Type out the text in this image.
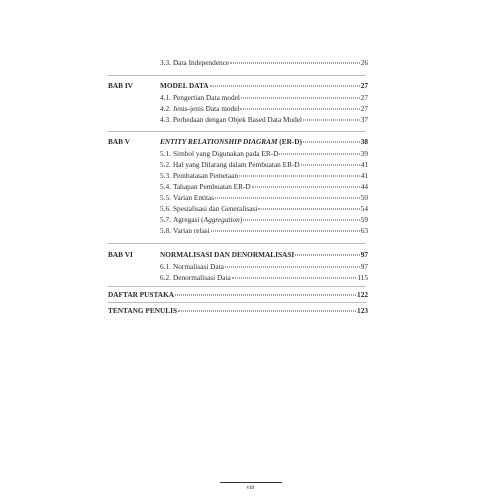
3.3. Data Independence	26
BAB IV	MODEL DATA	27
4.1. Pengertian Data model	27
4.2. Jenis-jenis Data model	27
4.3. Perbedaan dengan Objek Based Data Model	37
BAB V	ENTITY RELATIONSHIP DIAGRAM (ER-D)	38
5.1. Simbol yang Digunakan pada ER-D	39
5.2. Hal yang Dilarang dalam Pembuatan ER-D	41
5.3. Pembatasan Pemetaan	41
5.4. Tahapan Pembuatan ER-D	44
5.5. Varian Entitas	50
5.6. Spesialisasi dan Generalisasi	54
5.7. Agregasi (Aggregation)	59
5.8. Varian relasi	63
BAB VI	NORMALISASI DAN DENORMALISASI	97
6.1. Normalisasi Data	97
6.2. Denormalisasi Data	115
DAFTAR PUSTAKA	122
TENTANG PENULIS	123
viii
